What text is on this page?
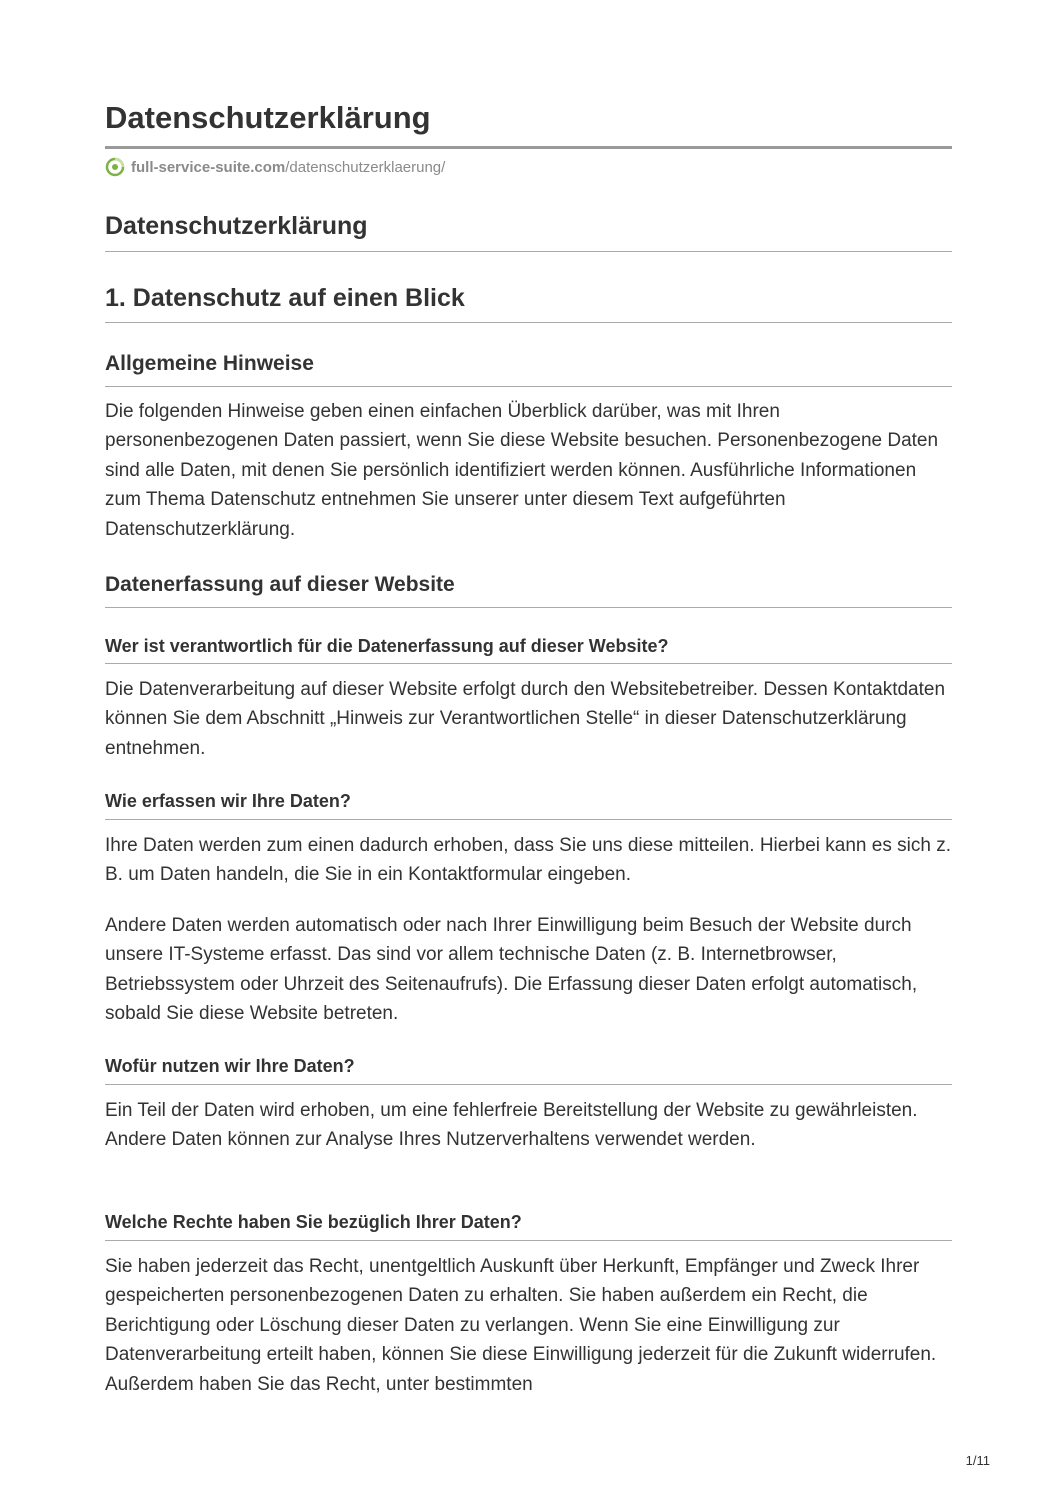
Datenschutzerklärung
full-service-suite.com /datenschutzerklaerung/
Datenschutzerklärung
1. Datenschutz auf einen Blick
Allgemeine Hinweise

Die folgenden Hinweise geben einen einfachen Überblick darüber, was mit Ihren personenbezogenen Daten passiert, wenn Sie diese Website besuchen. Personenbezogene Daten sind alle Daten, mit denen Sie persönlich identifiziert werden können. Ausführliche Informationen zum Thema Datenschutz entnehmen Sie unserer unter diesem Text aufgeführten Datenschutzerklärung.

Datenerfassung auf dieser Website
Wer ist verantwortlich für die Datenerfassung auf dieser Website?

Die Datenverarbeitung auf dieser Website erfolgt durch den Websitebetreiber. Dessen Kontaktdaten können Sie dem Abschnitt „Hinweis zur Verantwortlichen Stelle“ in dieser Datenschutzerklärung entnehmen.

Wie erfassen wir Ihre Daten?

Ihre Daten werden zum einen dadurch erhoben, dass Sie uns diese mitteilen. Hierbei kann es sich z. B. um Daten handeln, die Sie in ein Kontaktformular eingeben.

Andere Daten werden automatisch oder nach Ihrer Einwilligung beim Besuch der Website durch unsere IT-Systeme erfasst. Das sind vor allem technische Daten (z. B. Internetbrowser, Betriebssystem oder Uhrzeit des Seitenaufrufs). Die Erfassung dieser Daten erfolgt automatisch, sobald Sie diese Website betreten.

Wofür nutzen wir Ihre Daten?

Ein Teil der Daten wird erhoben, um eine fehlerfreie Bereitstellung der Website zu gewährleisten. Andere Daten können zur Analyse Ihres Nutzerverhaltens verwendet werden.

Welche Rechte haben Sie bezüglich Ihrer Daten?

Sie haben jederzeit das Recht, unentgeltlich Auskunft über Herkunft, Empfänger und Zweck Ihrer gespeicherten personenbezogenen Daten zu erhalten. Sie haben außerdem ein Recht, die Berichtigung oder Löschung dieser Daten zu verlangen. Wenn Sie eine Einwilligung zur Datenverarbeitung erteilt haben, können Sie diese Einwilligung jederzeit für die Zukunft widerrufen. Außerdem haben Sie das Recht, unter bestimmten

1/11
